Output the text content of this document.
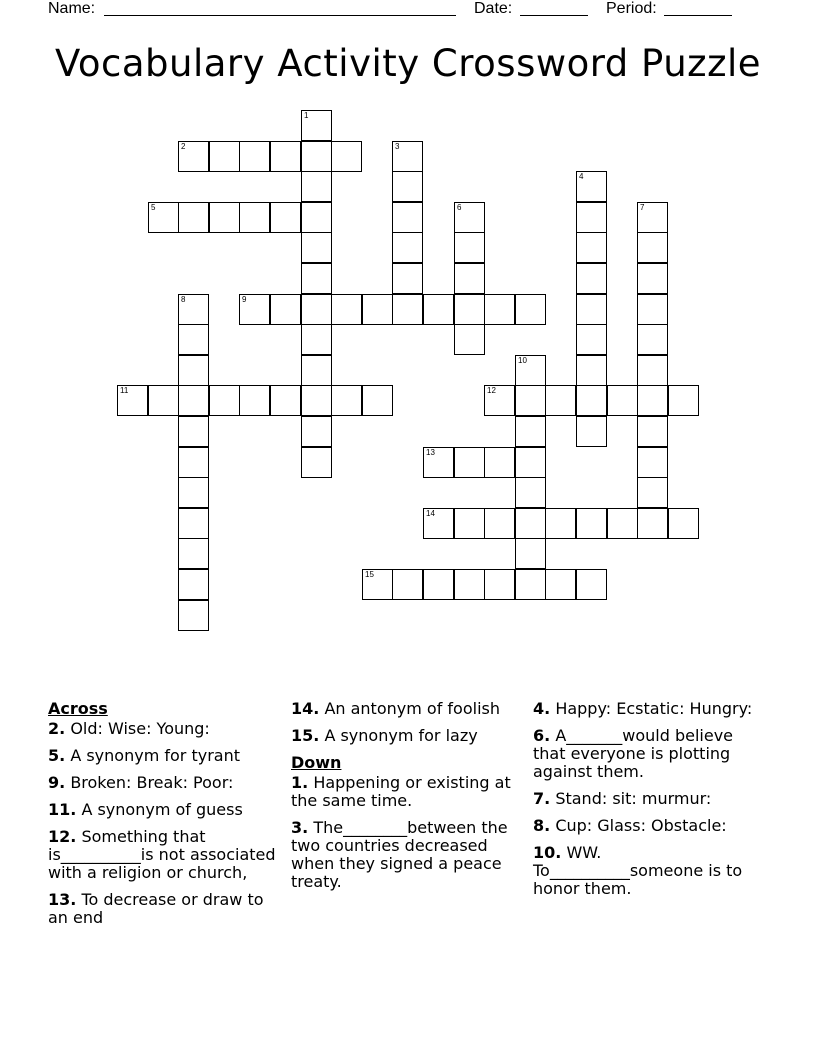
Name:	Date:	Period:
Vocabulary Activity Crossword Puzzle
1
2	3
4
5	6	7
8	9
10
11	12
13
14
15

Across

2. Old: Wise: Young:

5. A synonym for tyrant

9. Broken: Break: Poor:

11. A synonym of guess

12. Something that is__________is not associated with a religion or church,

13. To decrease or draw to an end

14. An antonym of foolish

15. A synonym for lazy

Down

1. Happening or existing at the same time.

3. The________between the two countries decreased when they signed a peace treaty.

4. Happy: Ecstatic: Hungry:

6. A_______would believe that everyone is plotting against them.

7. Stand: sit: murmur:

8. Cup: Glass: Obstacle:

10. WW. To__________someone is to honor them.
